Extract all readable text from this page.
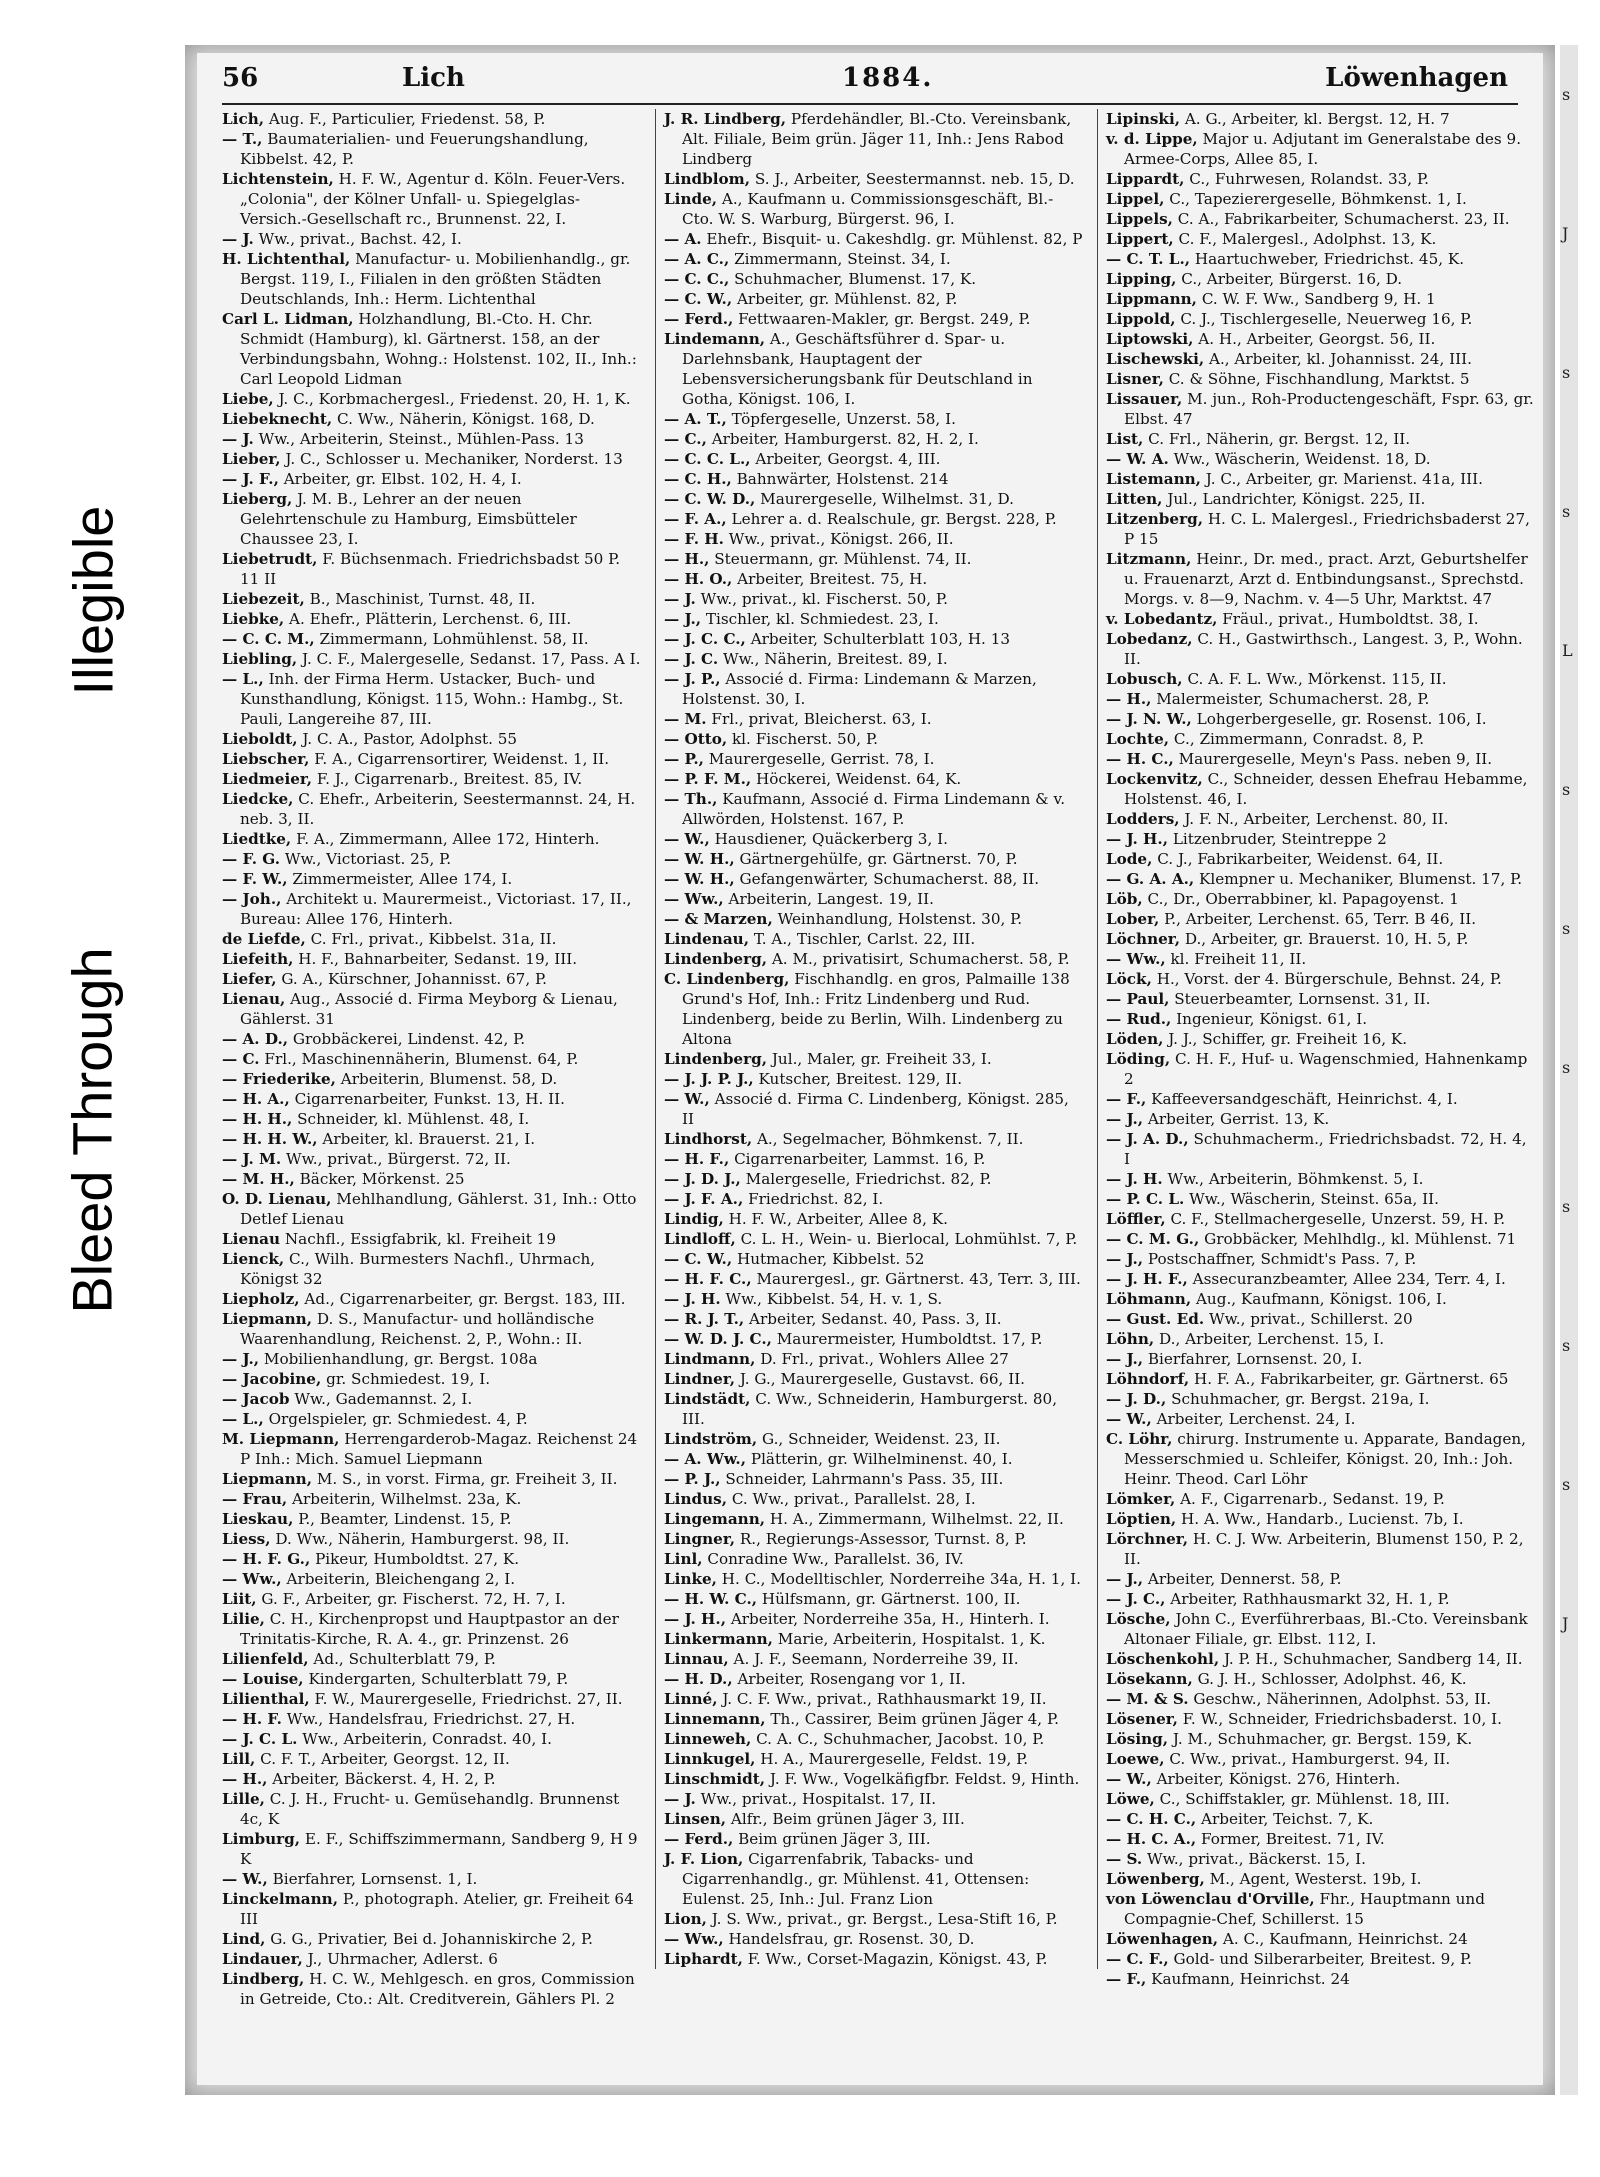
56	Lich	1884.	Löwenhagen

Lich, Aug. F., Particulier, Friedenst. 58, P.

— T., Baumaterialien- und Feuerungshandlung, Kibbelst. 42, P.

Lichtenstein, H. F. W., Agentur d. Köln. Feuer-Vers. „Colonia", der Kölner Unfall- u. Spiegelglas-Versich.-Gesellschaft rc., Brunnenst. 22, I.

— J. Ww., privat., Bachst. 42, I.

H. Lichtenthal, Manufactur- u. Mobilienhandlg., gr. Bergst. 119, I., Filialen in den größten Städten Deutschlands, Inh.: Herm. Lichtenthal

Carl L. Lidman, Holzhandlung, Bl.-Cto. H. Chr. Schmidt (Hamburg), kl. Gärtnerst. 158, an der Verbindungsbahn, Wohng.: Holstenst. 102, II., Inh.: Carl Leopold Lidman

Liebe, J. C., Korbmachergesl., Friedenst. 20, H. 1, K.

Liebeknecht, C. Ww., Näherin, Königst. 168, D.

— J. Ww., Arbeiterin, Steinst., Mühlen-Pass. 13

Lieber, J. C., Schlosser u. Mechaniker, Norderst. 13

— J. F., Arbeiter, gr. Elbst. 102, H. 4, I.

Lieberg, J. M. B., Lehrer an der neuen Gelehrtenschule zu Hamburg, Eimsbütteler Chaussee 23, I.

Liebetrudt, F. Büchsenmach. Friedrichsbadst 50 P. 11 II

Liebezeit, B., Maschinist, Turnst. 48, II.

Liebke, A. Ehefr., Plätterin, Lerchenst. 6, III.

— C. C. M., Zimmermann, Lohmühlenst. 58, II.

Liebling, J. C. F., Malergeselle, Sedanst. 17, Pass. A I.

— L., Inh. der Firma Herm. Ustacker, Buch- und Kunsthandlung, Königst. 115, Wohn.: Hambg., St. Pauli, Langereihe 87, III.

Lieboldt, J. C. A., Pastor, Adolphst. 55

Liebscher, F. A., Cigarrensortirer, Weidenst. 1, II.

Liedmeier, F. J., Cigarrenarb., Breitest. 85, IV.

Liedcke, C. Ehefr., Arbeiterin, Seestermannst. 24, H. neb. 3, II.

Liedtke, F. A., Zimmermann, Allee 172, Hinterh.

— F. G. Ww., Victoriast. 25, P.

— F. W., Zimmermeister, Allee 174, I.

— Joh., Architekt u. Maurermeist., Victoriast. 17, II., Bureau: Allee 176, Hinterh.

de Liefde, C. Frl., privat., Kibbelst. 31a, II.

Liefeith, H. F., Bahnarbeiter, Sedanst. 19, III.

Liefer, G. A., Kürschner, Johannisst. 67, P.

Lienau, Aug., Associé d. Firma Meyborg & Lienau, Gählerst. 31

— A. D., Grobbäckerei, Lindenst. 42, P.

— C. Frl., Maschinennäherin, Blumenst. 64, P.

— Friederike, Arbeiterin, Blumenst. 58, D.

— H. A., Cigarrenarbeiter, Funkst. 13, H. II.

— H. H., Schneider, kl. Mühlenst. 48, I.

— H. H. W., Arbeiter, kl. Brauerst. 21, I.

— J. M. Ww., privat., Bürgerst. 72, II.

— M. H., Bäcker, Mörkenst. 25

O. D. Lienau, Mehlhandlung, Gählerst. 31, Inh.: Otto Detlef Lienau

Lienau Nachfl., Essigfabrik, kl. Freiheit 19

Lienck, C., Wilh. Burmesters Nachfl., Uhrmach, Königst 32

Liepholz, Ad., Cigarrenarbeiter, gr. Bergst. 183, III.

Liepmann, D. S., Manufactur- und holländische Waarenhandlung, Reichenst. 2, P., Wohn.: II.

— J., Mobilienhandlung, gr. Bergst. 108a

— Jacobine, gr. Schmiedest. 19, I.

— Jacob Ww., Gademannst. 2, I.

— L., Orgelspieler, gr. Schmiedest. 4, P.

M. Liepmann, Herrengarderob-Magaz. Reichenst 24 P Inh.: Mich. Samuel Liepmann

Liepmann, M. S., in vorst. Firma, gr. Freiheit 3, II.

— Frau, Arbeiterin, Wilhelmst. 23a, K.

Lieskau, P., Beamter, Lindenst. 15, P.

Liess, D. Ww., Näherin, Hamburgerst. 98, II.

— H. F. G., Pikeur, Humboldtst. 27, K.

— Ww., Arbeiterin, Bleichengang 2, I.

Liit, G. F., Arbeiter, gr. Fischerst. 72, H. 7, I.

Lilie, C. H., Kirchenpropst und Hauptpastor an der Trinitatis-Kirche, R. A. 4., gr. Prinzenst. 26

Lilienfeld, Ad., Schulterblatt 79, P.

— Louise, Kindergarten, Schulterblatt 79, P.

Lilienthal, F. W., Maurergeselle, Friedrichst. 27, II.

— H. F. Ww., Handelsfrau, Friedrichst. 27, H.

— J. C. L. Ww., Arbeiterin, Conradst. 40, I.

Lill, C. F. T., Arbeiter, Georgst. 12, II.

— H., Arbeiter, Bäckerst. 4, H. 2, P.

Lille, C. J. H., Frucht- u. Gemüsehandlg. Brunnenst 4c, K

Limburg, E. F., Schiffszimmermann, Sandberg 9, H 9 K

— W., Bierfahrer, Lornsenst. 1, I.

Linckelmann, P., photograph. Atelier, gr. Freiheit 64 III

Lind, G. G., Privatier, Bei d. Johanniskirche 2, P.

Lindauer, J., Uhrmacher, Adlerst. 6

Lindberg, H. C. W., Mehlgesch. en gros, Commission in Getreide, Cto.: Alt. Creditverein, Gählers Pl. 2

J. R. Lindberg, Pferdehändler, Bl.-Cto. Vereinsbank, Alt. Filiale, Beim grün. Jäger 11, Inh.: Jens Rabod Lindberg

Lindblom, S. J., Arbeiter, Seestermannst. neb. 15, D.

Linde, A., Kaufmann u. Commissionsgeschäft, Bl.-Cto. W. S. Warburg, Bürgerst. 96, I.

— A. Ehefr., Bisquit- u. Cakeshdlg. gr. Mühlenst. 82, P

— A. C., Zimmermann, Steinst. 34, I.

— C. C., Schuhmacher, Blumenst. 17, K.

— C. W., Arbeiter, gr. Mühlenst. 82, P.

— Ferd., Fettwaaren-Makler, gr. Bergst. 249, P.

Lindemann, A., Geschäftsführer d. Spar- u. Darlehnsbank, Hauptagent der Lebensversicherungsbank für Deutschland in Gotha, Königst. 106, I.

— A. T., Töpfergeselle, Unzerst. 58, I.

— C., Arbeiter, Hamburgerst. 82, H. 2, I.

— C. C. L., Arbeiter, Georgst. 4, III.

— C. H., Bahnwärter, Holstenst. 214

— C. W. D., Maurergeselle, Wilhelmst. 31, D.

— F. A., Lehrer a. d. Realschule, gr. Bergst. 228, P.

— F. H. Ww., privat., Königst. 266, II.

— H., Steuermann, gr. Mühlenst. 74, II.

— H. O., Arbeiter, Breitest. 75, H.

— J. Ww., privat., kl. Fischerst. 50, P.

— J., Tischler, kl. Schmiedest. 23, I.

— J. C. C., Arbeiter, Schulterblatt 103, H. 13

— J. C. Ww., Näherin, Breitest. 89, I.

— J. P., Associé d. Firma: Lindemann & Marzen, Holstenst. 30, I.

— M. Frl., privat, Bleicherst. 63, I.

— Otto, kl. Fischerst. 50, P.

— P., Maurergeselle, Gerrist. 78, I.

— P. F. M., Höckerei, Weidenst. 64, K.

— Th., Kaufmann, Associé d. Firma Lindemann & v. Allwörden, Holstenst. 167, P.

— W., Hausdiener, Quäckerberg 3, I.

— W. H., Gärtnergehülfe, gr. Gärtnerst. 70, P.

— W. H., Gefangenwärter, Schumacherst. 88, II.

— Ww., Arbeiterin, Langest. 19, II.

— & Marzen, Weinhandlung, Holstenst. 30, P.

Lindenau, T. A., Tischler, Carlst. 22, III.

Lindenberg, A. M., privatisirt, Schumacherst. 58, P.

C. Lindenberg, Fischhandlg. en gros, Palmaille 138 Grund's Hof, Inh.: Fritz Lindenberg und Rud. Lindenberg, beide zu Berlin, Wilh. Lindenberg zu Altona

Lindenberg, Jul., Maler, gr. Freiheit 33, I.

— J. J. P. J., Kutscher, Breitest. 129, II.

— W., Associé d. Firma C. Lindenberg, Königst. 285, II

Lindhorst, A., Segelmacher, Böhmkenst. 7, II.

— H. F., Cigarrenarbeiter, Lammst. 16, P.

— J. D. J., Malergeselle, Friedrichst. 82, P.

— J. F. A., Friedrichst. 82, I.

Lindig, H. F. W., Arbeiter, Allee 8, K.

Lindloff, C. L. H., Wein- u. Bierlocal, Lohmühlst. 7, P.

— C. W., Hutmacher, Kibbelst. 52

— H. F. C., Maurergesl., gr. Gärtnerst. 43, Terr. 3, III.

— J. H. Ww., Kibbelst. 54, H. v. 1, S.

— R. J. T., Arbeiter, Sedanst. 40, Pass. 3, II.

— W. D. J. C., Maurermeister, Humboldtst. 17, P.

Lindmann, D. Frl., privat., Wohlers Allee 27

Lindner, J. G., Maurergeselle, Gustavst. 66, II.

Lindstädt, C. Ww., Schneiderin, Hamburgerst. 80, III.

Lindström, G., Schneider, Weidenst. 23, II.

— A. Ww., Plätterin, gr. Wilhelminenst. 40, I.

— P. J., Schneider, Lahrmann's Pass. 35, III.

Lindus, C. Ww., privat., Parallelst. 28, I.

Lingemann, H. A., Zimmermann, Wilhelmst. 22, II.

Lingner, R., Regierungs-Assessor, Turnst. 8, P.

Linl, Conradine Ww., Parallelst. 36, IV.

Linke, H. C., Modelltischler, Norderreihe 34a, H. 1, I.

— H. W. C., Hülfsmann, gr. Gärtnerst. 100, II.

— J. H., Arbeiter, Norderreihe 35a, H., Hinterh. I.

Linkermann, Marie, Arbeiterin, Hospitalst. 1, K.

Linnau, A. J. F., Seemann, Norderreihe 39, II.

— H. D., Arbeiter, Rosengang vor 1, II.

Linné, J. C. F. Ww., privat., Rathhausmarkt 19, II.

Linnemann, Th., Cassirer, Beim grünen Jäger 4, P.

Linneweh, C. A. C., Schuhmacher, Jacobst. 10, P.

Linnkugel, H. A., Maurergeselle, Feldst. 19, P.

Linschmidt, J. F. Ww., Vogelkäfigfbr. Feldst. 9, Hinth.

— J. Ww., privat., Hospitalst. 17, II.

Linsen, Alfr., Beim grünen Jäger 3, III.

— Ferd., Beim grünen Jäger 3, III.

J. F. Lion, Cigarrenfabrik, Tabacks- und Cigarrenhandlg., gr. Mühlenst. 41, Ottensen: Eulenst. 25, Inh.: Jul. Franz Lion

Lion, J. S. Ww., privat., gr. Bergst., Lesa-Stift 16, P.

— Ww., Handelsfrau, gr. Rosenst. 30, D.

Liphardt, F. Ww., Corset-Magazin, Königst. 43, P.

Lipinski, A. G., Arbeiter, kl. Bergst. 12, H. 7

v. d. Lippe, Major u. Adjutant im Generalstabe des 9. Armee-Corps, Allee 85, I.

Lippardt, C., Fuhrwesen, Rolandst. 33, P.

Lippel, C., Tapezierergeselle, Böhmkenst. 1, I.

Lippels, C. A., Fabrikarbeiter, Schumacherst. 23, II.

Lippert, C. F., Malergesl., Adolphst. 13, K.

— C. T. L., Haartuchweber, Friedrichst. 45, K.

Lipping, C., Arbeiter, Bürgerst. 16, D.

Lippmann, C. W. F. Ww., Sandberg 9, H. 1

Lippold, C. J., Tischlergeselle, Neuerweg 16, P.

Liptowski, A. H., Arbeiter, Georgst. 56, II.

Lischewski, A., Arbeiter, kl. Johannisst. 24, III.

Lisner, C. & Söhne, Fischhandlung, Marktst. 5

Lissauer, M. jun., Roh-Productengeschäft, Fspr. 63, gr. Elbst. 47

List, C. Frl., Näherin, gr. Bergst. 12, II.

— W. A. Ww., Wäscherin, Weidenst. 18, D.

Listemann, J. C., Arbeiter, gr. Marienst. 41a, III.

Litten, Jul., Landrichter, Königst. 225, II.

Litzenberg, H. C. L. Malergesl., Friedrichsbaderst 27, P 15

Litzmann, Heinr., Dr. med., pract. Arzt, Geburtshelfer u. Frauenarzt, Arzt d. Entbindungsanst., Sprechstd. Morgs. v. 8—9, Nachm. v. 4—5 Uhr, Marktst. 47

v. Lobedantz, Fräul., privat., Humboldtst. 38, I.

Lobedanz, C. H., Gastwirthsch., Langest. 3, P., Wohn. II.

Lobusch, C. A. F. L. Ww., Mörkenst. 115, II.

— H., Malermeister, Schumacherst. 28, P.

— J. N. W., Lohgerbergeselle, gr. Rosenst. 106, I.

Lochte, C., Zimmermann, Conradst. 8, P.

— H. C., Maurergeselle, Meyn's Pass. neben 9, II.

Lockenvitz, C., Schneider, dessen Ehefrau Hebamme, Holstenst. 46, I.

Lodders, J. F. N., Arbeiter, Lerchenst. 80, II.

— J. H., Litzenbruder, Steintreppe 2

Lode, C. J., Fabrikarbeiter, Weidenst. 64, II.

— G. A. A., Klempner u. Mechaniker, Blumenst. 17, P.

Löb, C., Dr., Oberrabbiner, kl. Papagoyenst. 1

Lober, P., Arbeiter, Lerchenst. 65, Terr. B 46, II.

Löchner, D., Arbeiter, gr. Brauerst. 10, H. 5, P.

— Ww., kl. Freiheit 11, II.

Löck, H., Vorst. der 4. Bürgerschule, Behnst. 24, P.

— Paul, Steuerbeamter, Lornsenst. 31, II.

— Rud., Ingenieur, Königst. 61, I.

Löden, J. J., Schiffer, gr. Freiheit 16, K.

Löding, C. H. F., Huf- u. Wagenschmied, Hahnenkamp 2

— F., Kaffeeversandgeschäft, Heinrichst. 4, I.

— J., Arbeiter, Gerrist. 13, K.

— J. A. D., Schuhmacherm., Friedrichsbadst. 72, H. 4, I

— J. H. Ww., Arbeiterin, Böhmkenst. 5, I.

— P. C. L. Ww., Wäscherin, Steinst. 65a, II.

Löffler, C. F., Stellmachergeselle, Unzerst. 59, H. P.

— C. M. G., Grobbäcker, Mehlhdlg., kl. Mühlenst. 71

— J., Postschaffner, Schmidt's Pass. 7, P.

— J. H. F., Assecuranzbeamter, Allee 234, Terr. 4, I.

Löhmann, Aug., Kaufmann, Königst. 106, I.

— Gust. Ed. Ww., privat., Schillerst. 20

Löhn, D., Arbeiter, Lerchenst. 15, I.

— J., Bierfahrer, Lornsenst. 20, I.

Löhndorf, H. F. A., Fabrikarbeiter, gr. Gärtnerst. 65

— J. D., Schuhmacher, gr. Bergst. 219a, I.

— W., Arbeiter, Lerchenst. 24, I.

C. Löhr, chirurg. Instrumente u. Apparate, Bandagen, Messerschmied u. Schleifer, Königst. 20, Inh.: Joh. Heinr. Theod. Carl Löhr

Lömker, A. F., Cigarrenarb., Sedanst. 19, P.

Löptien, H. A. Ww., Handarb., Lucienst. 7b, I.

Lörchner, H. C. J. Ww. Arbeiterin, Blumenst 150, P. 2, II.

— J., Arbeiter, Dennerst. 58, P.

— J. C., Arbeiter, Rathhausmarkt 32, H. 1, P.

Lösche, John C., Everführerbaas, Bl.-Cto. Vereinsbank Altonaer Filiale, gr. Elbst. 112, I.

Löschenkohl, J. P. H., Schuhmacher, Sandberg 14, II.

Lösekann, G. J. H., Schlosser, Adolphst. 46, K.

— M. & S. Geschw., Näherinnen, Adolphst. 53, II.

Lösener, F. W., Schneider, Friedrichsbaderst. 10, I.

Lösing, J. M., Schuhmacher, gr. Bergst. 159, K.

Loewe, C. Ww., privat., Hamburgerst. 94, II.

— W., Arbeiter, Königst. 276, Hinterh.

Löwe, C., Schiffstakler, gr. Mühlenst. 18, III.

— C. H. C., Arbeiter, Teichst. 7, K.

— H. C. A., Former, Breitest. 71, IV.

— S. Ww., privat., Bäckerst. 15, I.

Löwenberg, M., Agent, Westerst. 19b, I.

von Löwenclau d'Orville, Fhr., Hauptmann und Compagnie-Chef, Schillerst. 15

Löwenhagen, A. C., Kaufmann, Heinrichst. 24

— C. F., Gold- und Silberarbeiter, Breitest. 9, P.

— F., Kaufmann, Heinrichst. 24

s
J
s
s
L
s
s
s
s
s
s
J
Illegible
Bleed Through
